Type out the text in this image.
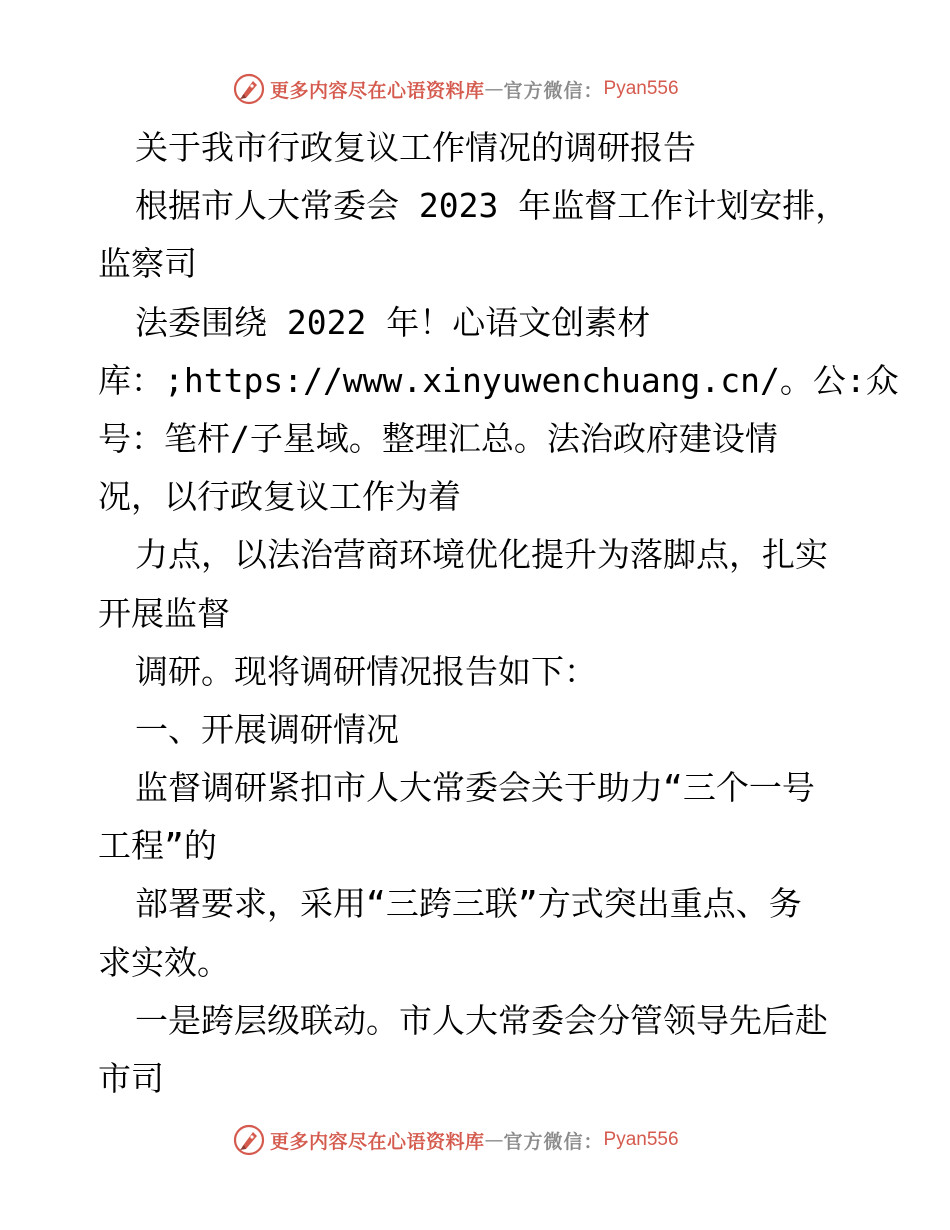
更多内容尽在心语资料库 — 官方微信： Pyan556

关于我市行政复议工作情况的调研报告

根据市人大常委会 2023 年监督工作计划安排，

监察司

法委围绕 2022 年！心语文创素材

库：;https://www.xinyuwenchuang.cn/。公:众

号：笔杆/子星域。整理汇总。法治政府建设情

况，以行政复议工作为着

力点，以法治营商环境优化提升为落脚点，扎实

开展监督

调研。现将调研情况报告如下：

一、开展调研情况

监督调研紧扣市人大常委会关于助力“三个一号

工程”的

部署要求，采用“三跨三联”方式突出重点、务

求实效。

一是跨层级联动。市人大常委会分管领导先后赴

市司

更多内容尽在心语资料库 — 官方微信： Pyan556
